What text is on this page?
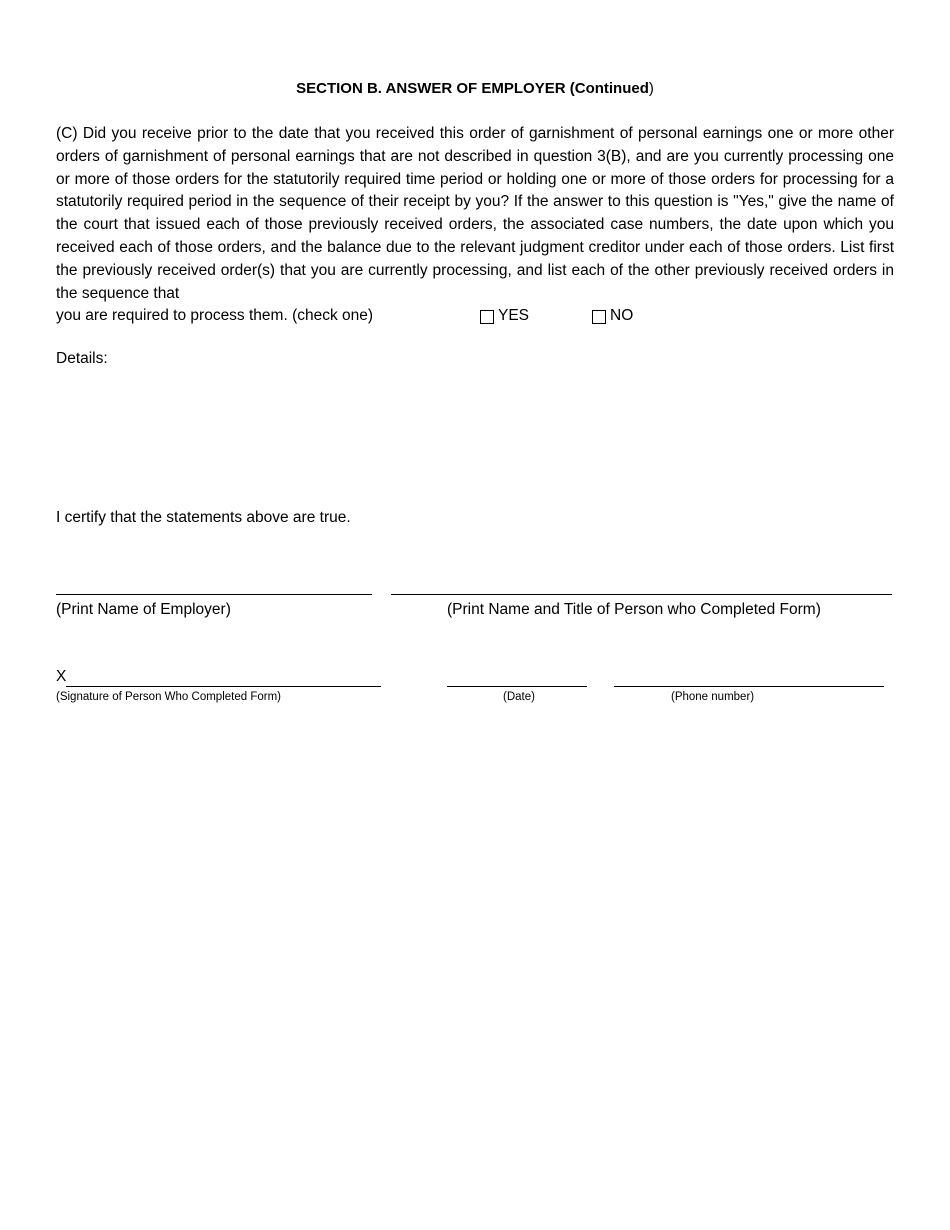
SECTION B. ANSWER OF EMPLOYER (Continued)
(C) Did you receive prior to the date that you received this order of garnishment of personal earnings one or more other orders of garnishment of personal earnings that are not described in question 3(B), and are you currently processing one or more of those orders for the statutorily required time period or holding one or more of those orders for processing for a statutorily required period in the sequence of their receipt by you? If the answer to this question is "Yes," give the name of the court that issued each of those previously received orders, the associated case numbers, the date upon which you received each of those orders, and the balance due to the relevant judgment creditor under each of those orders. List first the previously received order(s) that you are currently processing, and list each of the other previously received orders in the sequence that
you are required to process them. (check one)	YES	NO
Details:
I certify that the statements above are true.
(Print Name of Employer)	(Print Name and Title of Person who Completed Form)
X
(Signature of Person Who Completed Form)	(Date)	(Phone number)
